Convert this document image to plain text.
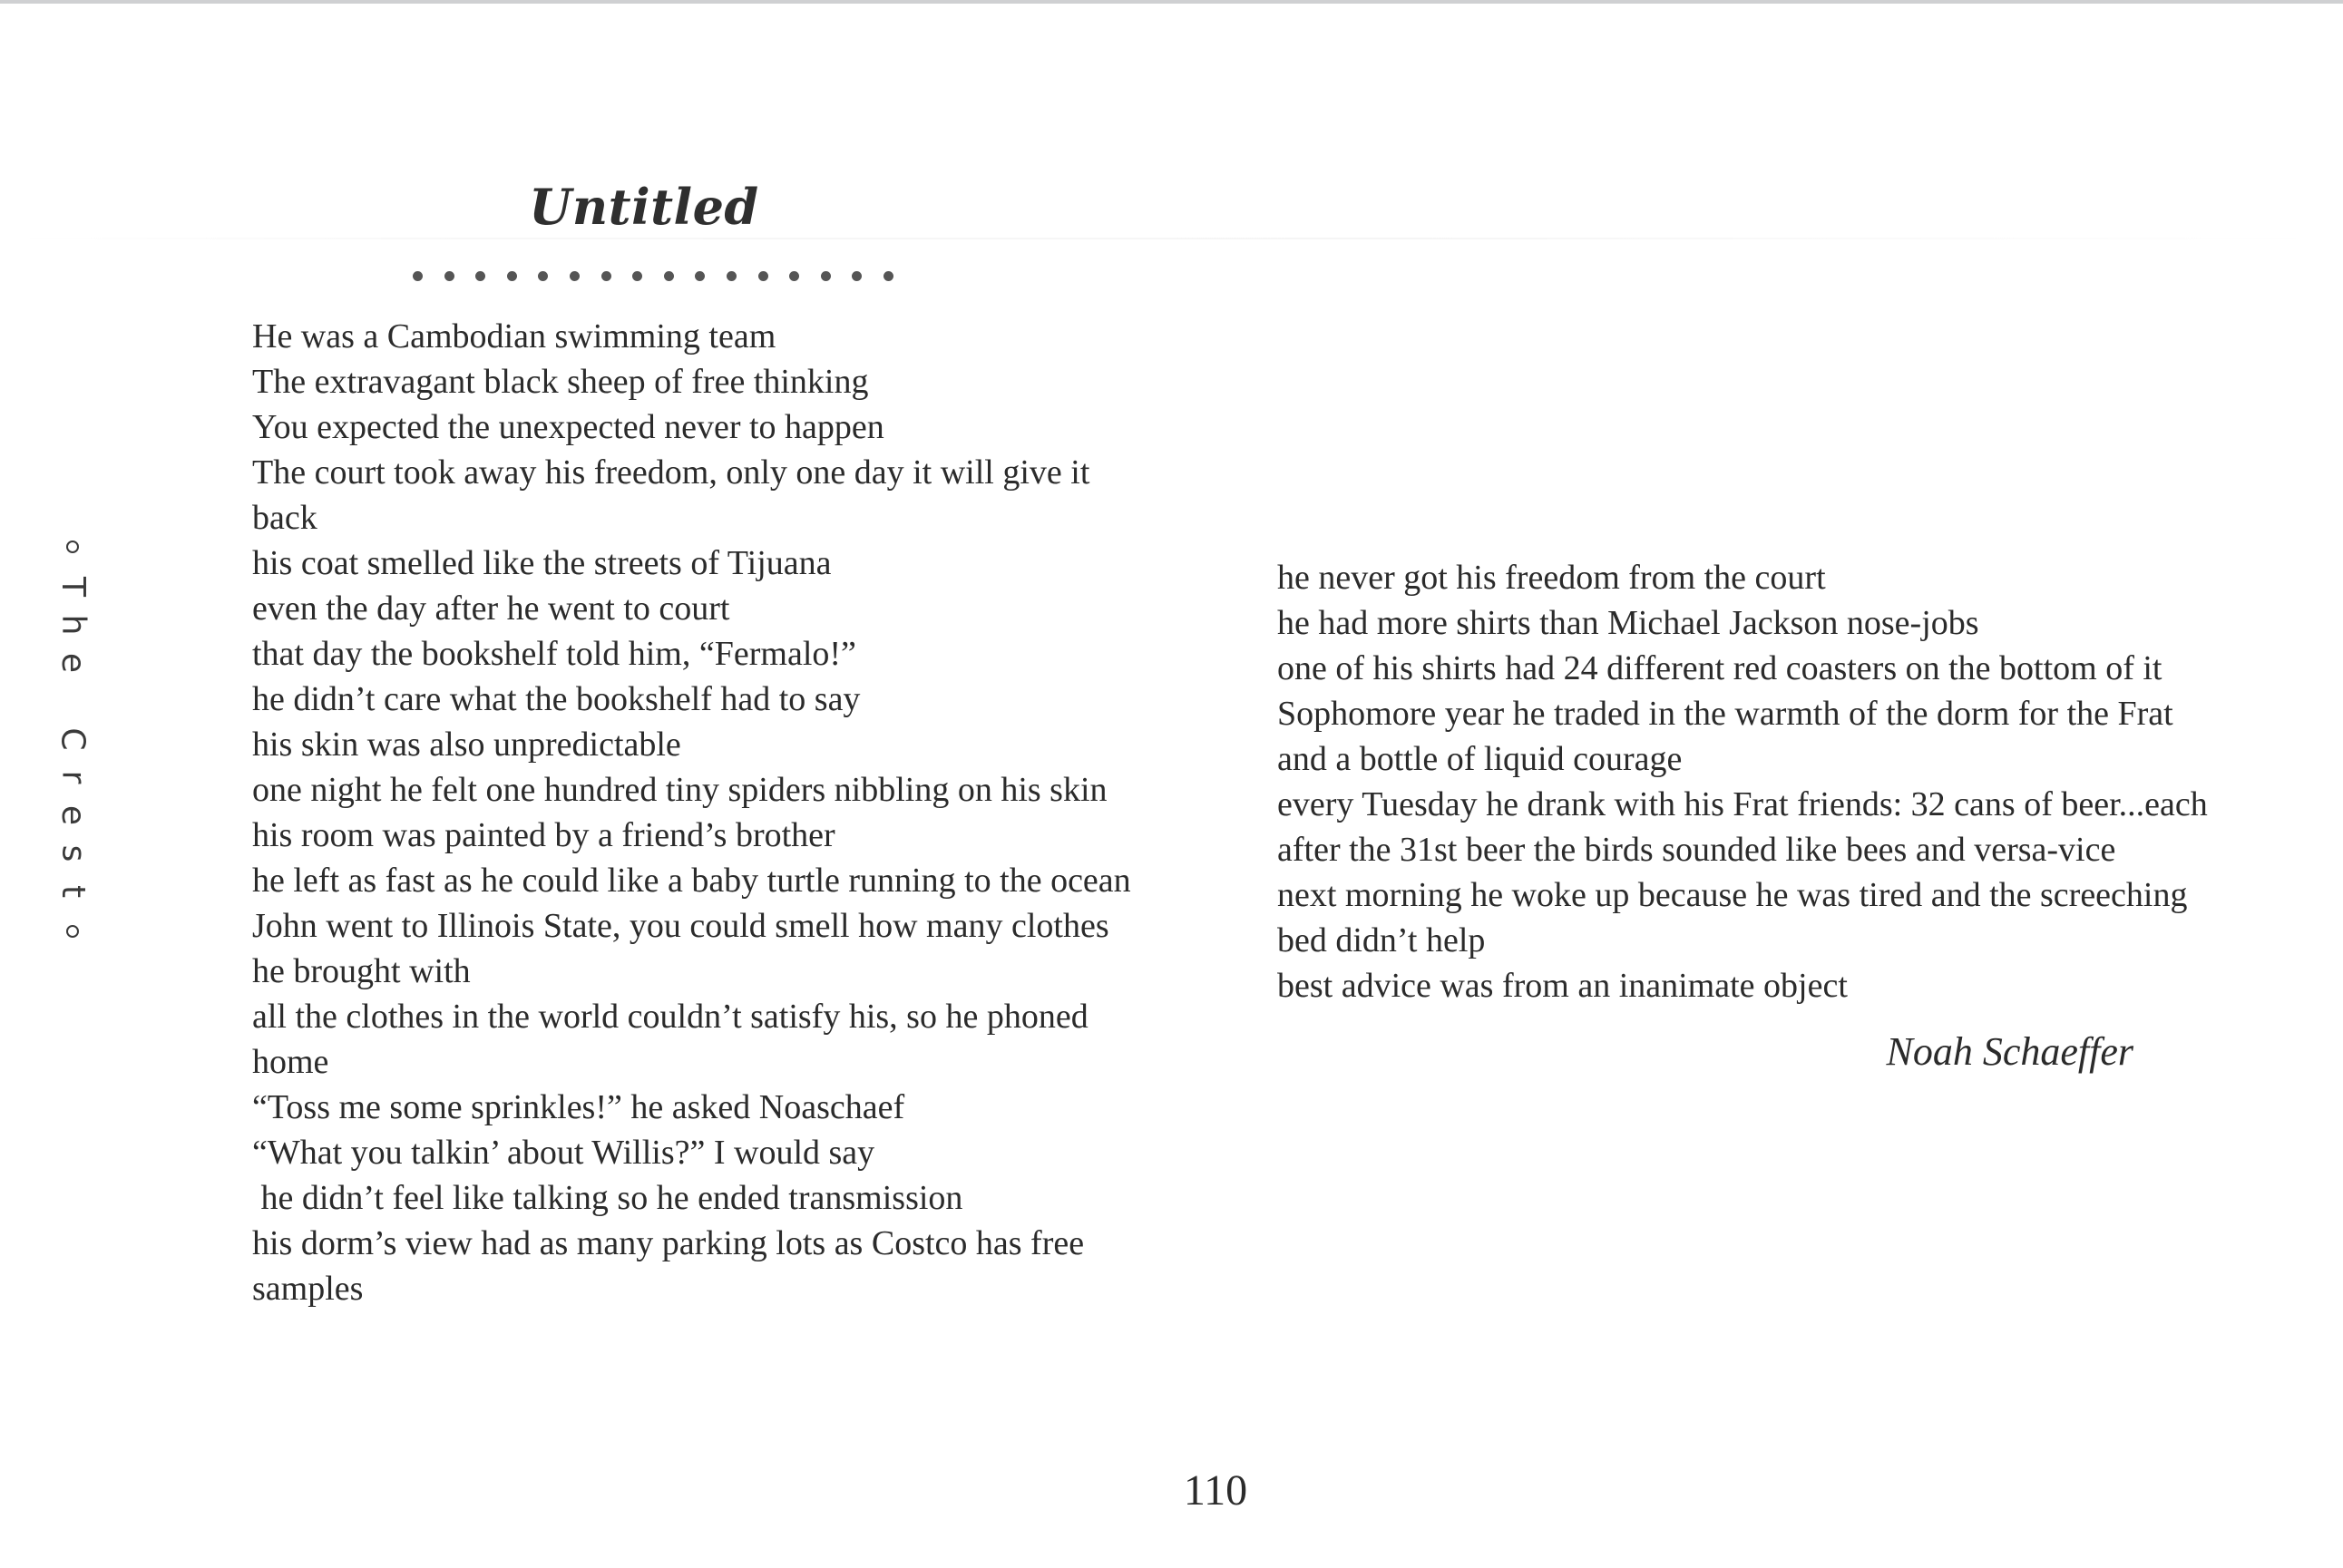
Untitled
T
h
e
C
r
e
s
t
He was a Cambodian swimming team
The extravagant black sheep of free thinking
You expected the unexpected never to happen
The court took away his freedom, only one day it will give it
back
his coat smelled like the streets of Tijuana
even the day after he went to court
that day the bookshelf told him, “Fermalo!”
he didn’t care what the bookshelf had to say
his skin was also unpredictable
one night he felt one hundred tiny spiders nibbling on his skin
his room was painted by a friend’s brother
he left as fast as he could like a baby turtle running to the ocean
John went to Illinois State, you could smell how many clothes
he brought with
all the clothes in the world couldn’t satisfy his, so he phoned
home
“Toss me some sprinkles!” he asked Noaschaef
“What you talkin’ about Willis?” I would say
he didn’t feel like talking so he ended transmission
his dorm’s view had as many parking lots as Costco has free
samples
he never got his freedom from the court
he had more shirts than Michael Jackson nose-jobs
one of his shirts had 24 different red coasters on the bottom of it
Sophomore year he traded in the warmth of the dorm for the Frat
and a bottle of liquid courage
every Tuesday he drank with his Frat friends: 32 cans of beer...each
after the 31st beer the birds sounded like bees and versa-vice
next morning he woke up because he was tired and the screeching
bed didn’t help
best advice was from an inanimate object
Noah Schaeffer
110
